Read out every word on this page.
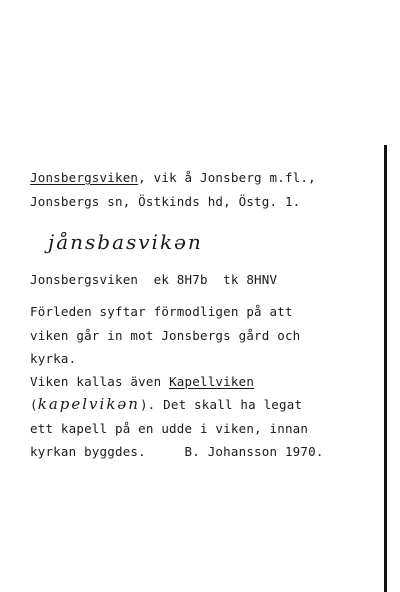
Jonsbergsviken, vik å Jonsberg m.fl.,
Jonsbergs sn, Östkinds hd, Östg. 1.
jånsbasvikən
Jonsbergsviken  ek 8H7b  tk 8HNV
Förleden syftar förmodligen på att
viken går in mot Jonsbergs gård och
kyrka.
Viken kallas även Kapellviken
(kapelvikən). Det skall ha legat
ett kapell på en udde i viken, innan
kyrkan byggdes.     B. Johansson 1970.
